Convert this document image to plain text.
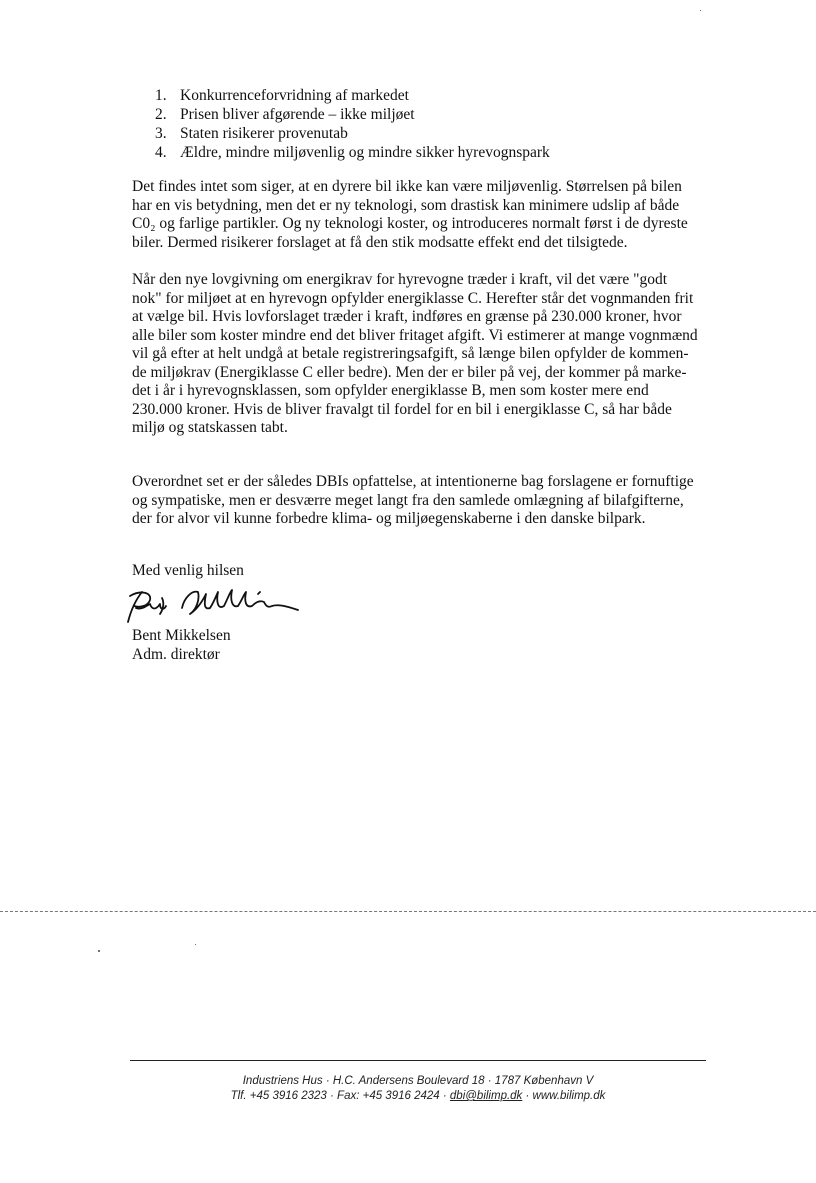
1. Konkurrenceforvridning af markedet
2. Prisen bliver afgørende – ikke miljøet
3. Staten risikerer provenutab
4. Ældre, mindre miljøvenlig og mindre sikker hyrevognspark

Det findes intet som siger, at en dyrere bil ikke kan være miljøvenlig. Størrelsen på bilen
har en vis betydning, men det er ny teknologi, som drastisk kan minimere udslip af både
C0₂ og farlige partikler. Og ny teknologi koster, og introduceres normalt først i de dyreste
biler. Dermed risikerer forslaget at få den stik modsatte effekt end det tilsigtede.

Når den nye lovgivning om energikrav for hyrevogne træder i kraft, vil det være "godt
nok" for miljøet at en hyrevogn opfylder energiklasse C. Herefter står det vognmanden frit
at vælge bil. Hvis lovforslaget træder i kraft, indføres en grænse på 230.000 kroner, hvor
alle biler som koster mindre end det bliver fritaget afgift. Vi estimerer at mange vognmænd
vil gå efter at helt undgå at betale registreringsafgift, så længe bilen opfylder de kommen-
de miljøkrav (Energiklasse C eller bedre). Men der er biler på vej, der kommer på marke-
det i år i hyrevognsklassen, som opfylder energiklasse B, men som koster mere end
230.000 kroner. Hvis de bliver fravalgt til fordel for en bil i energiklasse C, så har både
miljø og statskassen tabt.

Overordnet set er der således DBIs opfattelse, at intentionerne bag forslagene er fornuftige
og sympatiske, men er desværre meget langt fra den samlede omlægning af bilafgifterne,
der for alvor vil kunne forbedre klima- og miljøegenskaberne i den danske bilpark.

Med venlig hilsen

Bent Mikkelsen
Adm. direktør

Industriens Hus · H.C. Andersens Boulevard 18 · 1787 København V
Tlf. +45 3916 2323 · Fax: +45 3916 2424 · dbi@bilimp.dk · www.bilimp.dk
